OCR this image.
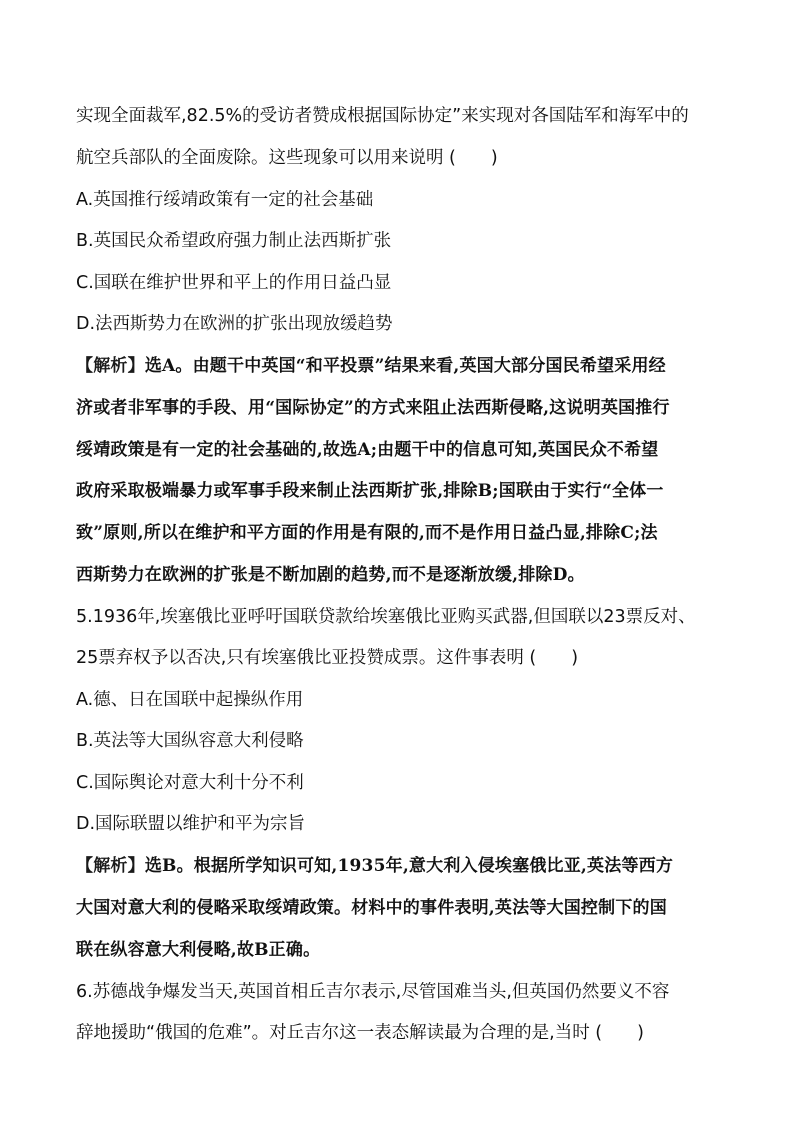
实现全面裁军,82.5%的受访者赞成根据国际协定”来实现对各国陆军和海军中的
航空兵部队的全面废除。这些现象可以用来说明 (　　)
A.英国推行绥靖政策有一定的社会基础
B.英国民众希望政府强力制止法西斯扩张
C.国联在维护世界和平上的作用日益凸显
D.法西斯势力在欧洲的扩张出现放缓趋势
【解析】选A。由题干中英国“和平投票”结果来看,英国大部分国民希望采用经
济或者非军事的手段、用“国际协定”的方式来阻止法西斯侵略,这说明英国推行
绥靖政策是有一定的社会基础的,故选A;由题干中的信息可知,英国民众不希望
政府采取极端暴力或军事手段来制止法西斯扩张,排除B;国联由于实行“全体一
致”原则,所以在维护和平方面的作用是有限的,而不是作用日益凸显,排除C;法
西斯势力在欧洲的扩张是不断加剧的趋势,而不是逐渐放缓,排除D。
5.1936年,埃塞俄比亚呼吁国联贷款给埃塞俄比亚购买武器,但国联以23票反对、
25票弃权予以否决,只有埃塞俄比亚投赞成票。这件事表明 (　　)
A.德、日在国联中起操纵作用
B.英法等大国纵容意大利侵略
C.国际舆论对意大利十分不利
D.国际联盟以维护和平为宗旨
【解析】选B。根据所学知识可知,1935年,意大利入侵埃塞俄比亚,英法等西方
大国对意大利的侵略采取绥靖政策。材料中的事件表明,英法等大国控制下的国
联在纵容意大利侵略,故B正确。
6.苏德战争爆发当天,英国首相丘吉尔表示,尽管国难当头,但英国仍然要义不容
辞地援助“俄国的危难”。对丘吉尔这一表态解读最为合理的是,当时 (　　)
